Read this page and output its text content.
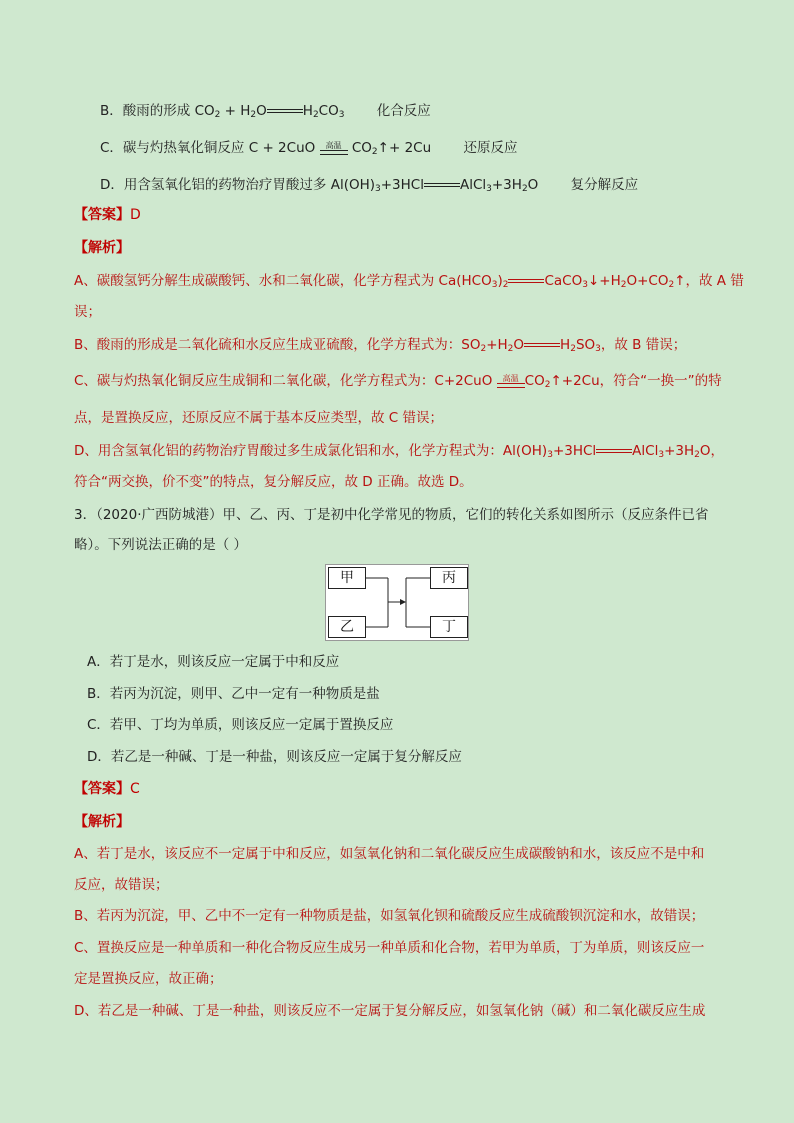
B．酸雨的形成 $CO_2 + H_2O$	$H_2CO_3$ 化合反应
C．碳与灼热氧化铜反应 C + 2CuO	高温 $CO_2↑+ 2Cu$ 还原反应
D．用含氢氧化铝的药物治疗胃酸过多 $Al(OH)_3+3HCl$	$AlCl_3+3H_2O$ 复分解反应
【答案】D
【解析】
A、碳酸氢钙分解生成碳酸钙、水和二氧化碳，化学方程式为 $Ca(HCO_3)_2$	$CaCO_3↓+H_2O+CO_2↑$，故 A 错
误；
B、酸雨的形成是二氧化硫和水反应生成亚硫酸，化学方程式为：$SO_2+H_2O$	$H_2SO_3$，故 B 错误；
C、碳与灼热氧化铜反应生成铜和二氧化碳，化学方程式为：C+2CuO	高温 $CO_2↑+2Cu$，符合“一换一”的特
点，是置换反应，还原反应不属于基本反应类型，故 C 错误；
D、用含氢氧化铝的药物治疗胃酸过多生成氯化铝和水，化学方程式为：$Al(OH)_3+3HCl$	$AlCl_3+3H_2O$，
符合“两交换，价不变”的特点，复分解反应，故 D 正确。故选 D。
3．（2020·广西防城港）甲、乙、丙、丁是初中化学常见的物质，它们的转化关系如图所示（反应条件已省
略）。下列说法正确的是（ ）
甲
乙
丙
丁
A．若丁是水，则该反应一定属于中和反应
B．若丙为沉淀，则甲、乙中一定有一种物质是盐
C．若甲、丁均为单质，则该反应一定属于置换反应
D．若乙是一种碱、丁是一种盐，则该反应一定属于复分解反应
【答案】C
【解析】
A、若丁是水，该反应不一定属于中和反应，如氢氧化钠和二氧化碳反应生成碳酸钠和水，该反应不是中和
反应，故错误；
B、若丙为沉淀，甲、乙中不一定有一种物质是盐，如氢氧化钡和硫酸反应生成硫酸钡沉淀和水，故错误；
C、置换反应是一种单质和一种化合物反应生成另一种单质和化合物，若甲为单质，丁为单质，则该反应一
定是置换反应，故正确；
D、若乙是一种碱、丁是一种盐，则该反应不一定属于复分解反应，如氢氧化钠（碱）和二氧化碳反应生成
